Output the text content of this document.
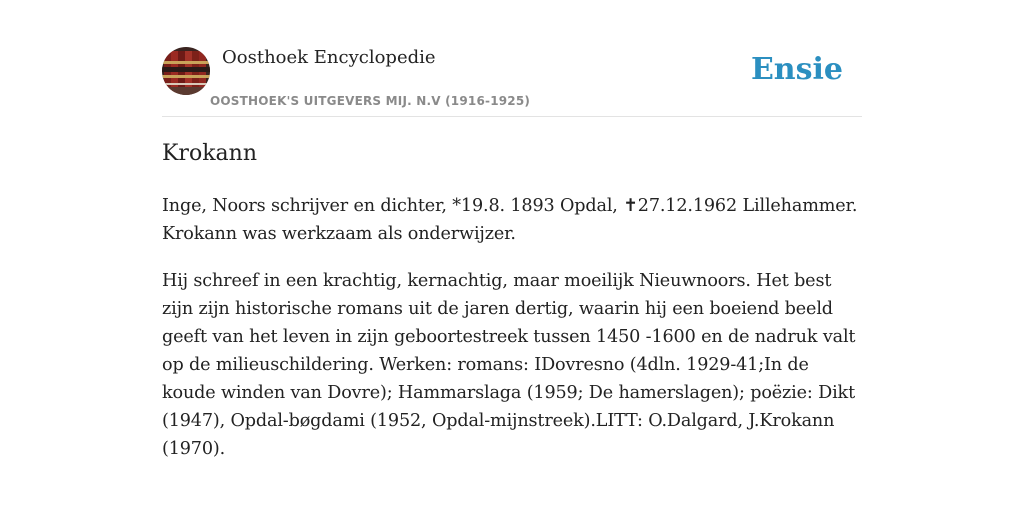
Oosthoek Encyclopedie
OOSTHOEK'S UITGEVERS MIJ. N.V (1916-1925)
Ensie
Krokann

Inge, Noors schrijver en dichter, *19.8. 1893 Opdal, ✝27.12.1962 Lillehammer. Krokann was werkzaam als onderwijzer.

Hij schreef in een krachtig, kernachtig, maar moeilijk Nieuwnoors. Het best zijn zijn historische romans uit de jaren dertig, waarin hij een boeiend beeld geeft van het leven in zijn geboortestreek tussen 1450 -1600 en de nadruk valt op de milieuschildering. Werken: romans: IDovresno (4dln. 1929-41;In de koude winden van Dovre); Hammarslaga (1959; De hamerslagen); poëzie: Dikt (1947), Opdal-bøgdami (1952, Opdal-mijnstreek).LITT: O.Dalgard, J.Krokann (1970).
